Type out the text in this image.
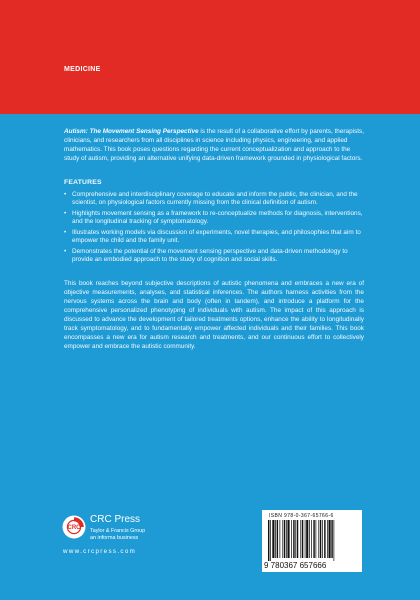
MEDICINE

Autism: The Movement Sensing Perspective is the result of a collaborative effort by parents, therapists, clinicians, and researchers from all disciplines in science including physics, engineering, and applied mathematics. This book poses questions regarding the current conceptualization and approach to the study of autism, providing an alternative unifying data-driven framework grounded in physiological factors.

FEATURES
• Comprehensive and interdisciplinary coverage to educate and inform the public, the clinician, and the scientist, on physiological factors currently missing from the clinical definition of autism.
• Highlights movement sensing as a framework to re-conceptualize methods for diagnosis, interventions, and the longitudinal tracking of symptomatology.
• Illustrates working models via discussion of experiments, novel therapies, and philosophies that aim to empower the child and the family unit.
• Demonstrates the potential of the movement sensing perspective and data-driven methodology to provide an embodied approach to the study of cognition and social skills.

This book reaches beyond subjective descriptions of autistic phenomena and embraces a new era of objective measurements, analyses, and statistical inferences. The authors harness activities from the nervous systems across the brain and body (often in tandem), and introduce a platform for the comprehensive personalized phenotyping of individuals with autism. The impact of this approach is discussed to advance the development of tailored treatments options, enhance the ability to longitudinally track symptomatology, and to fundamentally empower affected individuals and their families. This book encompasses a new era for autism research and treatments, and our continuous effort to collectively empower and embrace the autistic community.

CRC
CRC Press
Taylor & Francis Group
an informa business
www.crcpress.com
ISBN 978-0-367-65766-6
9 780367 657666
